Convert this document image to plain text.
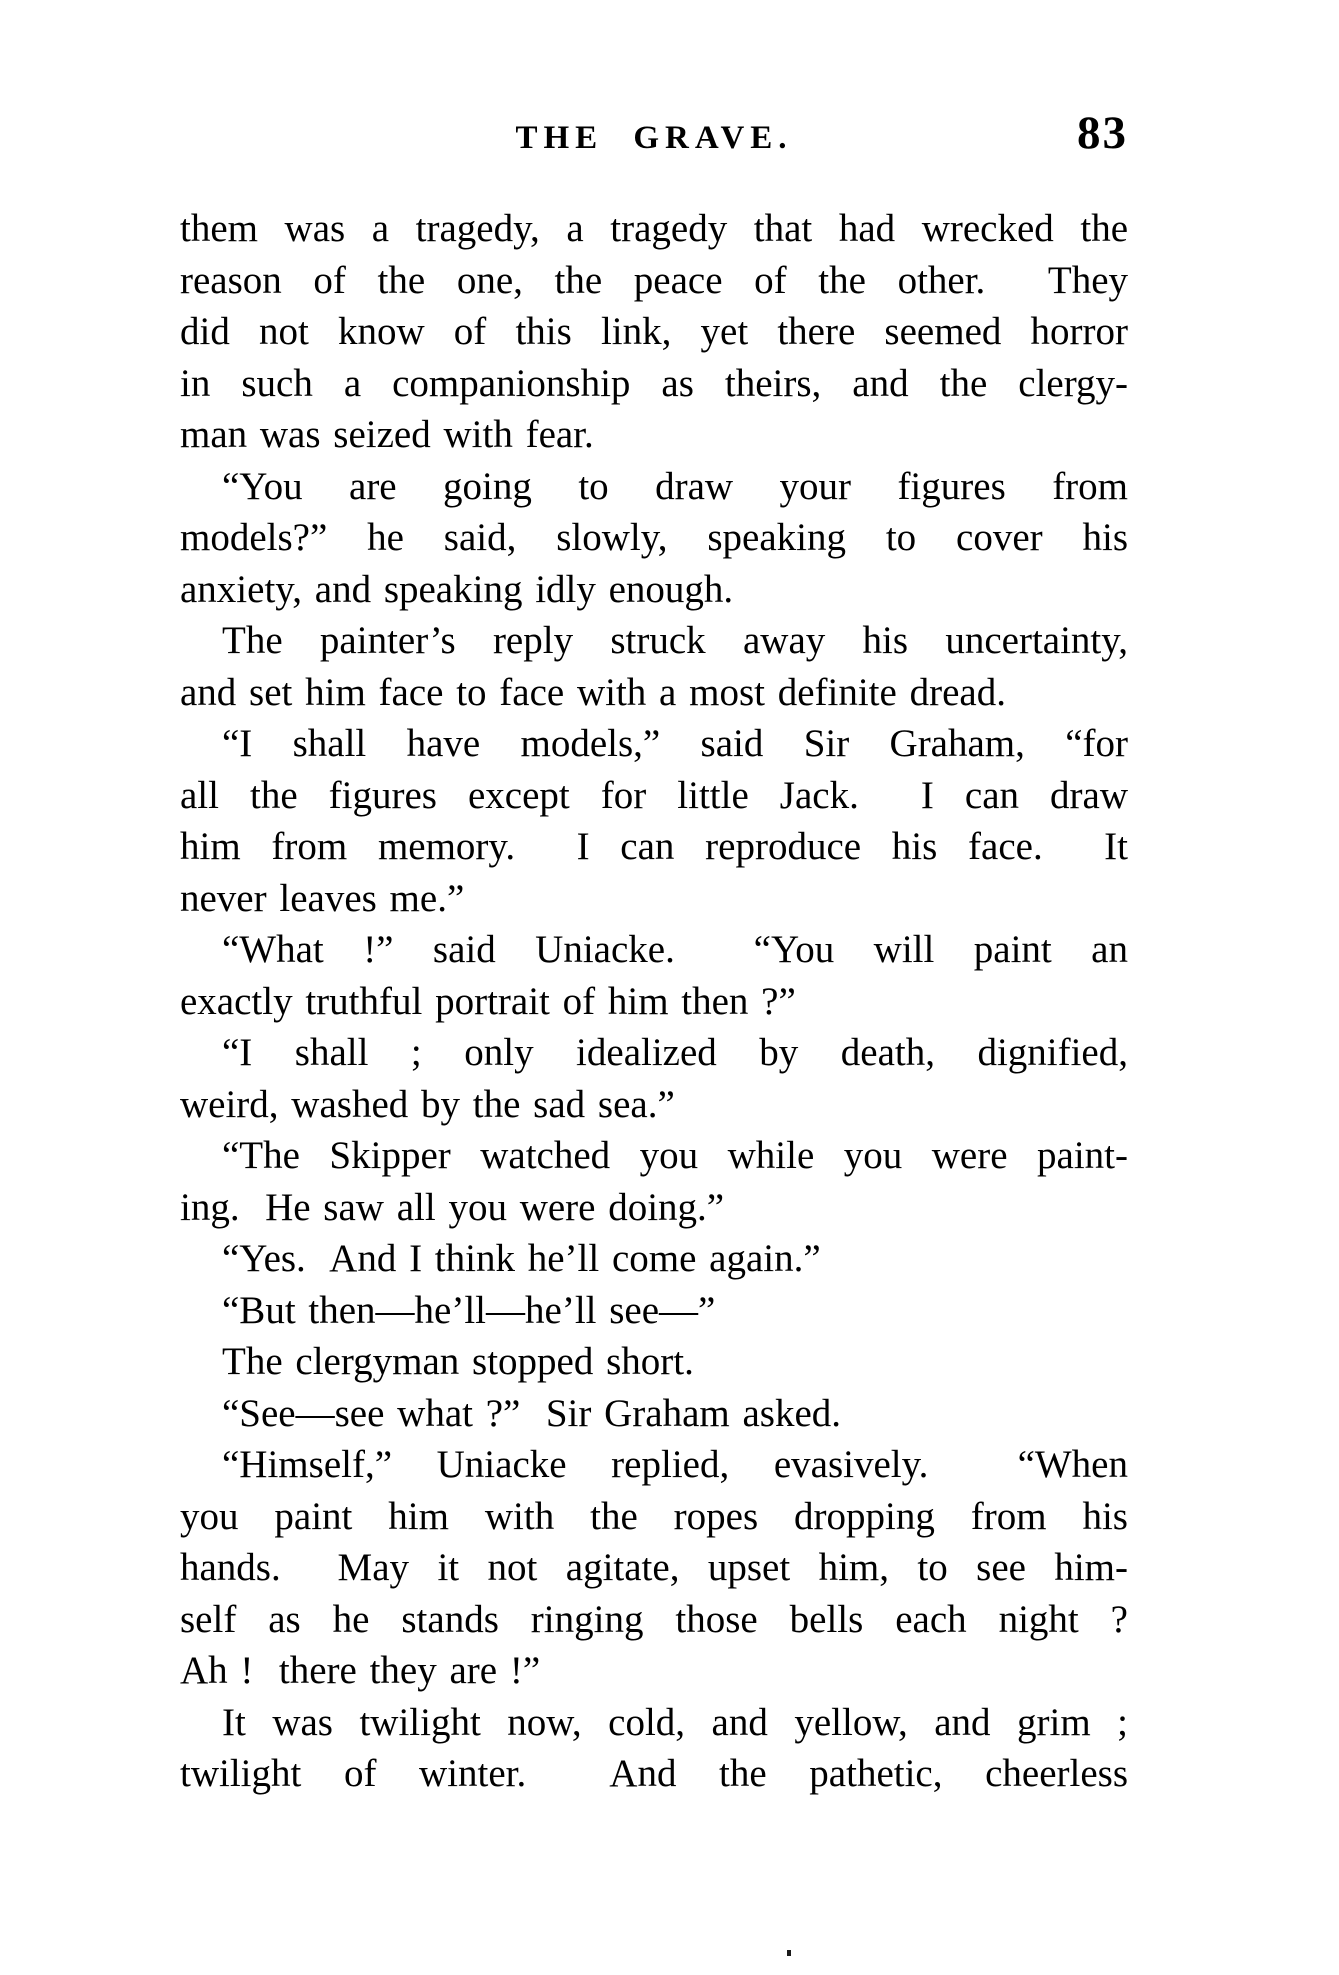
THE GRAVE.	83

them was a tragedy, a tragedy that had wrecked the

reason of the one, the peace of the other.  They

did not know of this link, yet there seemed horror

in such a companionship as theirs, and the clergy-

man was seized with fear.

“You are going to draw your figures from

models?” he said, slowly, speaking to cover his

anxiety, and speaking idly enough.

The painter’s reply struck away his uncertainty,

and set him face to face with a most definite dread.

“I shall have models,” said Sir Graham, “for

all the figures except for little Jack.  I can draw

him from memory.  I can reproduce his face.  It

never leaves me.”

“What !” said Uniacke.  “You will paint an

exactly truthful portrait of him then ?”

“I shall ; only idealized by death, dignified,

weird, washed by the sad sea.”

“The Skipper watched you while you were paint-

ing.  He saw all you were doing.”

“Yes.  And I think he’ll come again.”

“But then—he’ll—he’ll see—”

The clergyman stopped short.

“See—see what ?”  Sir Graham asked.

“Himself,” Uniacke replied, evasively.  “When

you paint him with the ropes dropping from his

hands.  May it not agitate, upset him, to see him-

self as he stands ringing those bells each night ?

Ah !  there they are !”

It was twilight now, cold, and yellow, and grim ;

twilight of winter.  And the pathetic, cheerless
